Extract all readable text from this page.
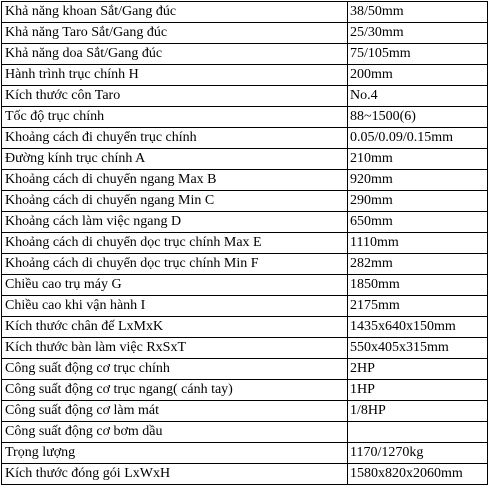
Khả năng khoan Sắt/Gang đúc	38/50mm
Khả năng Taro Sắt/Gang đúc	25/30mm
Khả năng doa Sắt/Gang đúc	75/105mm
Hành trình trục chính H	200mm
Kích thước côn Taro	No.4
Tốc độ trục chính	88~1500(6)
Khoảng cách đi chuyển trục chính	0.05/0.09/0.15mm
Đường kính trục chính A	210mm
Khoảng cách di chuyển ngang Max B	920mm
Khoảng cách di chuyển ngang Min C	290mm
Khoảng cách làm việc ngang D	650mm
Khoảng cách di chuyển dọc trục chính Max E	1110mm
Khoảng cách di chuyển dọc trục chính Min F	282mm
Chiều cao trụ máy G	1850mm
Chiều cao khi vận hành I	2175mm
Kích thước chân đế LxMxK	1435x640x150mm
Kích thước bàn làm việc RxSxT	550x405x315mm
Công suất động cơ trục chính	2HP
Công suất động cơ trục ngang( cánh tay)	1HP
Công suất động cơ làm mát	1/8HP
Công suất động cơ bơm dầu	
Trọng lượng	1170/1270kg
Kích thước đóng gói LxWxH	1580x820x2060mm
